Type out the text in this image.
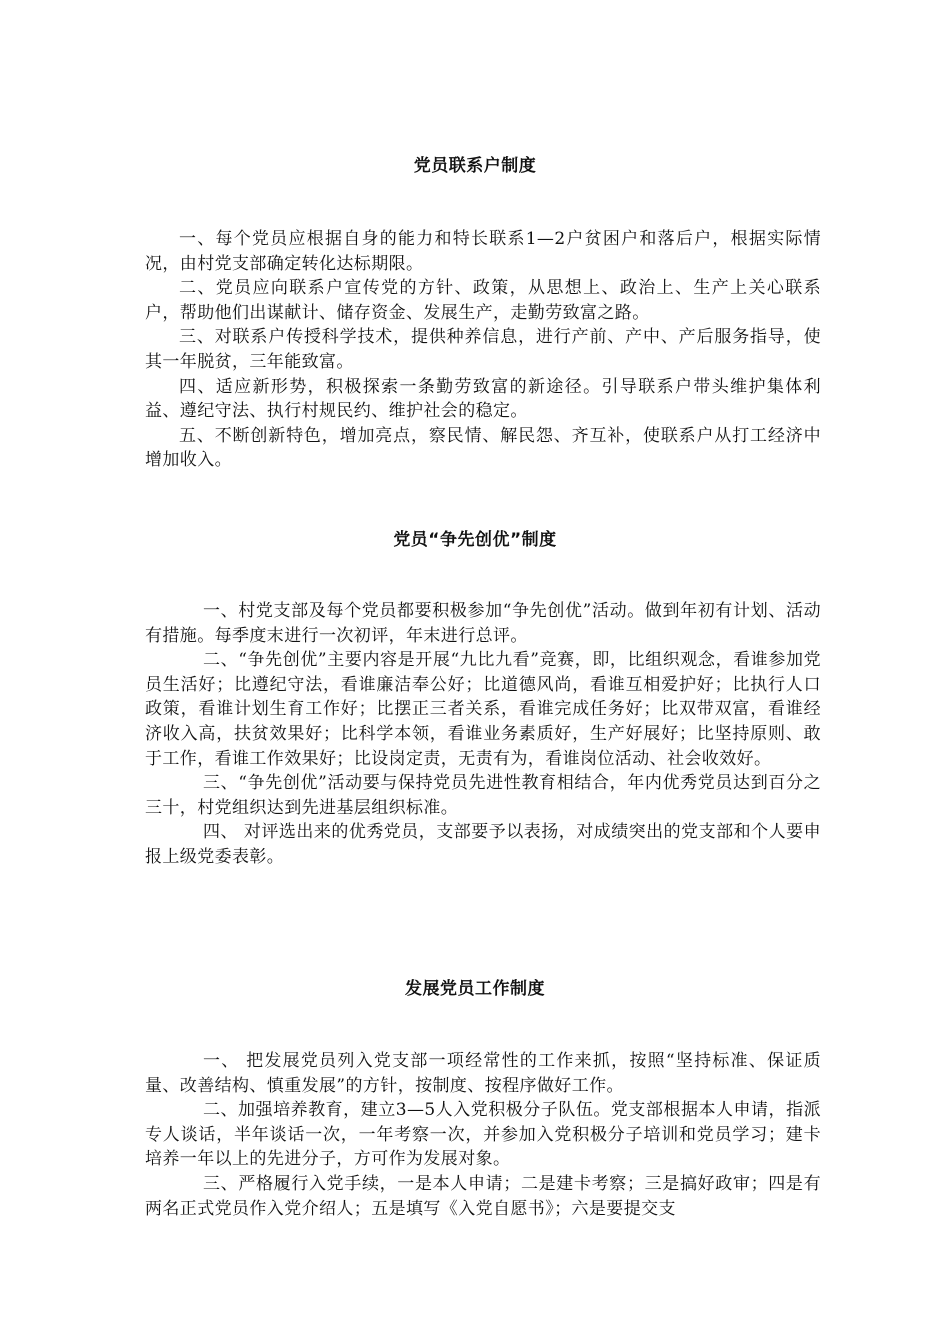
党员联系户制度

一、每个党员应根据自身的能力和特长联系1—2户贫困户和落后户，根据实际情况，由村党支部确定转化达标期限。

二、党员应向联系户宣传党的方针、政策，从思想上、政治上、生产上关心联系户，帮助他们出谋献计、储存资金、发展生产，走勤劳致富之路。

三、对联系户传授科学技术，提供种养信息，进行产前、产中、产后服务指导，使其一年脱贫，三年能致富。

四、适应新形势，积极探索一条勤劳致富的新途径。引导联系户带头维护集体利益、遵纪守法、执行村规民约、维护社会的稳定。

五、不断创新特色，增加亮点，察民情、解民怨、齐互补，使联系户从打工经济中增加收入。

党员“争先创优”制度

一、村党支部及每个党员都要积极参加“争先创优”活动。做到年初有计划、活动有措施。每季度末进行一次初评，年末进行总评。

二、“争先创优”主要内容是开展“九比九看”竞赛，即，比组织观念，看谁参加党员生活好；比遵纪守法，看谁廉洁奉公好；比道德风尚，看谁互相爱护好；比执行人口政策，看谁计划生育工作好；比摆正三者关系，看谁完成任务好；比双带双富，看谁经济收入高，扶贫效果好；比科学本领，看谁业务素质好，生产好展好；比坚持原则、敢于工作，看谁工作效果好；比设岗定责，无责有为，看谁岗位活动、社会收效好。

三、“争先创优”活动要与保持党员先进性教育相结合，年内优秀党员达到百分之三十，村党组织达到先进基层组织标准。

四、 对评选出来的优秀党员，支部要予以表扬，对成绩突出的党支部和个人要申报上级党委表彰。

发展党员工作制度

一、 把发展党员列入党支部一项经常性的工作来抓，按照“坚持标准、保证质量、改善结构、慎重发展”的方针，按制度、按程序做好工作。

二、加强培养教育，建立3—5人入党积极分子队伍。党支部根据本人申请，指派专人谈话，半年谈话一次，一年考察一次，并参加入党积极分子培训和党员学习；建卡培养一年以上的先进分子，方可作为发展对象。

三、严格履行入党手续，一是本人申请；二是建卡考察；三是搞好政审；四是有两名正式党员作入党介绍人；五是填写《入党自愿书》；六是要提交支
